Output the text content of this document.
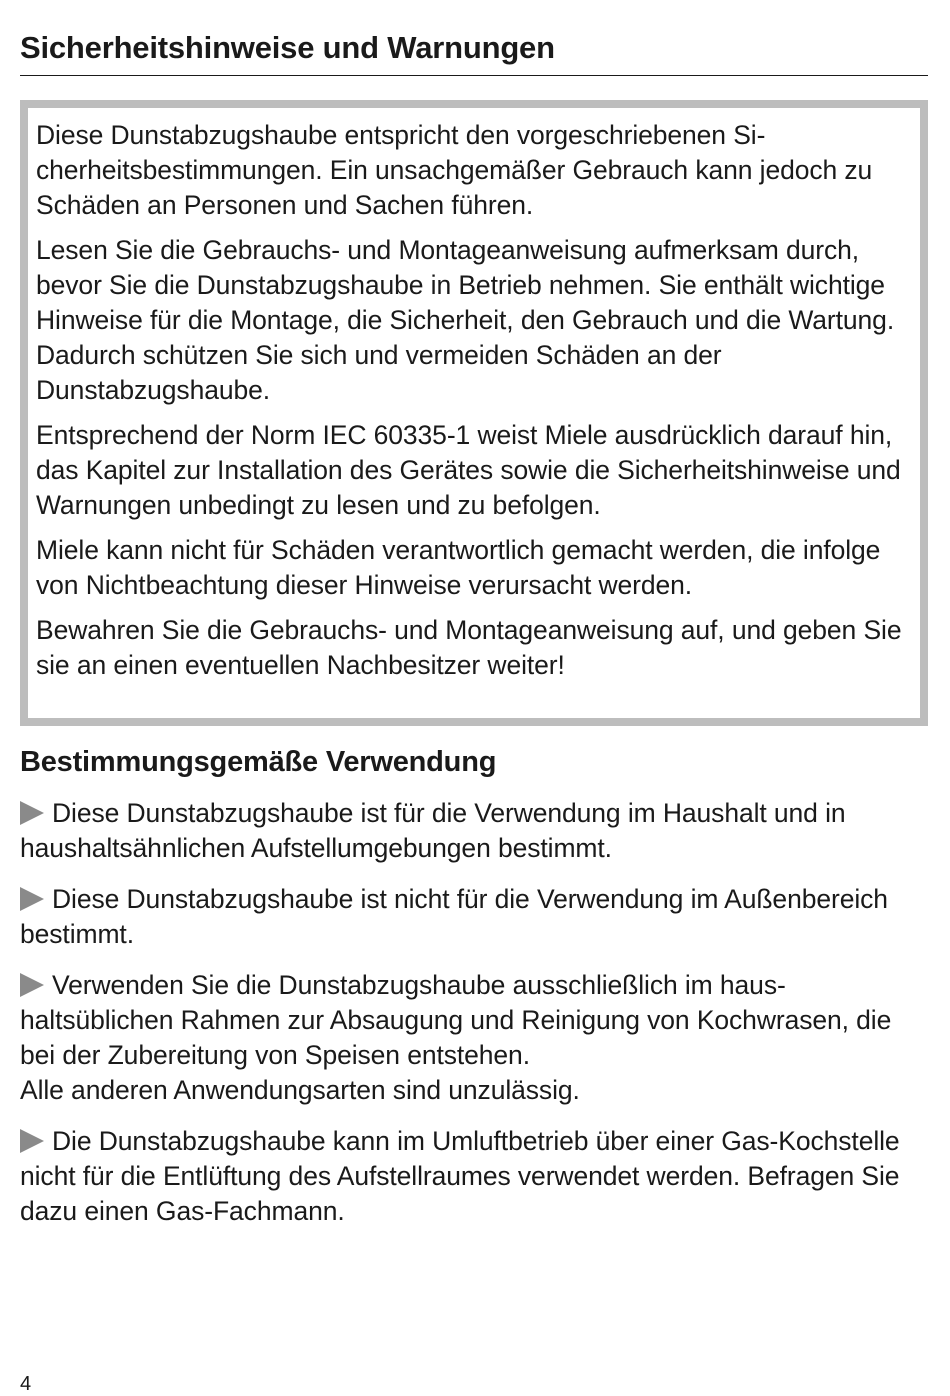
Sicherheitshinweise und Warnungen

Diese Dunstabzugshaube entspricht den vorgeschriebenen Sicherheitsbestimmungen. Ein unsachgemäßer Gebrauch kann jedoch zu Schäden an Personen und Sachen führen.

Lesen Sie die Gebrauchs- und Montageanweisung aufmerksam durch, bevor Sie die Dunstabzugshaube in Betrieb nehmen. Sie enthält wichtige Hinweise für die Montage, die Sicherheit, den Gebrauch und die Wartung. Dadurch schützen Sie sich und vermeiden Schäden an der Dunstabzugshaube.

Entsprechend der Norm IEC 60335-1 weist Miele ausdrücklich darauf hin, das Kapitel zur Installation des Gerätes sowie die Sicherheitshinweise und Warnungen unbedingt zu lesen und zu befolgen.

Miele kann nicht für Schäden verantwortlich gemacht werden, die infolge von Nichtbeachtung dieser Hinweise verursacht werden.

Bewahren Sie die Gebrauchs- und Montageanweisung auf, und geben Sie sie an einen eventuellen Nachbesitzer weiter!

Bestimmungsgemäße Verwendung
Diese Dunstabzugshaube ist für die Verwendung im Haushalt und in haushaltsähnlichen Aufstellumgebungen bestimmt.
Diese Dunstabzugshaube ist nicht für die Verwendung im Außenbereich bestimmt.
Verwenden Sie die Dunstabzugshaube ausschließlich im haushaltsüblichen Rahmen zur Absaugung und Reinigung von Kochwrasen, die bei der Zubereitung von Speisen entstehen.
Alle anderen Anwendungsarten sind unzulässig.
Die Dunstabzugshaube kann im Umluftbetrieb über einer Gas-Kochstelle nicht für die Entlüftung des Aufstellraumes verwendet werden. Befragen Sie dazu einen Gas-Fachmann.
4
